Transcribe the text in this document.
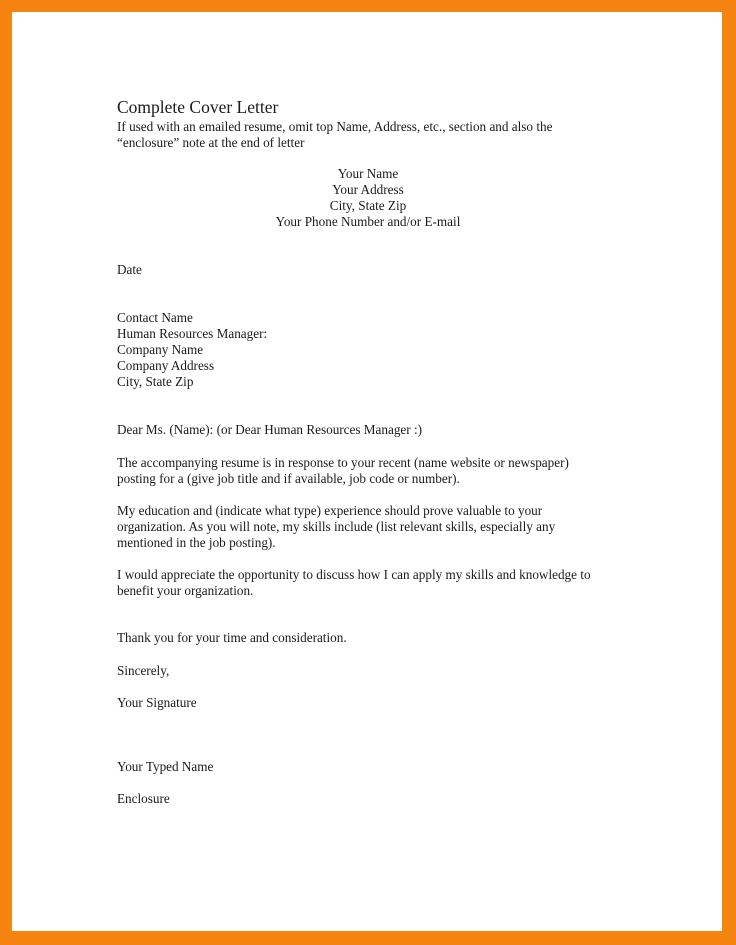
Complete Cover Letter
If used with an emailed resume, omit top Name, Address, etc., section and also the
“enclosure” note at the end of letter
Your Name
Your Address
City, State Zip
Your Phone Number and/or E-mail
Date
Contact Name
Human Resources Manager:
Company Name
Company Address
City, State Zip
Dear Ms. (Name): (or Dear Human Resources Manager :)
The accompanying resume is in response to your recent (name website or newspaper)
posting for a (give job title and if available, job code or number).
My education and (indicate what type) experience should prove valuable to your
organization. As you will note, my skills include (list relevant skills, especially any
mentioned in the job posting).
I would appreciate the opportunity to discuss how I can apply my skills and knowledge to
benefit your organization.
Thank you for your time and consideration.
Sincerely,
Your Signature
Your Typed Name
Enclosure
